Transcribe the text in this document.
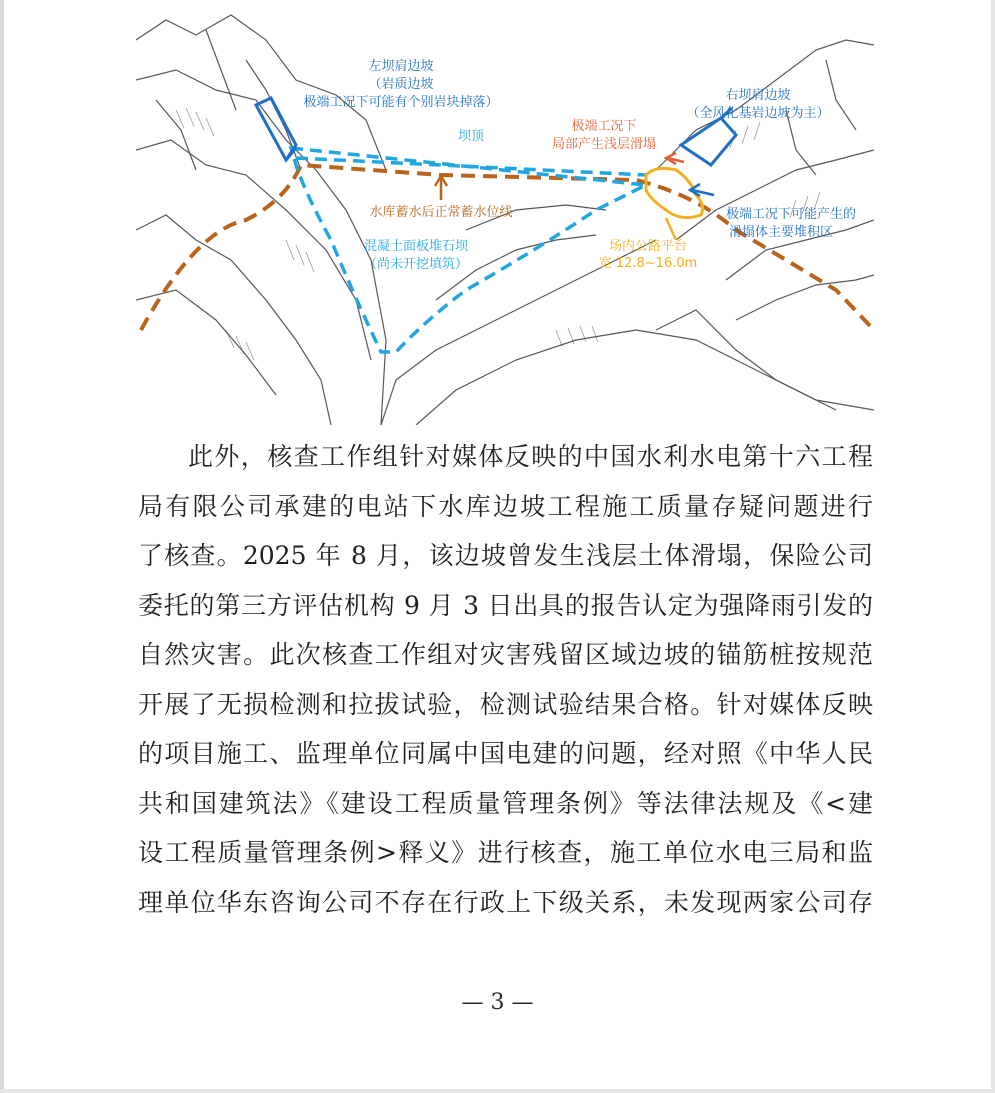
左坝肩边坡
（岩质边坡
极端工况下可能有个别岩块掉落）
坝顶
右坝肩边坡
（全风化基岩边坡为主）
极端工况下
局部产生浅层滑塌
水库蓄水后正常蓄水位线	极端工况下可能产生的
滑塌体主要堆积区
场内公路平台
宽 12.8~16.0m
混凝土面板堆石坝
（尚未开挖填筑）
此外，核查工作组针对媒体反映的中国水利水电第十六工程
局有限公司承建的电站下水库边坡工程施工质量存疑问题进行
了核查。2025 年 8 月，该边坡曾发生浅层土体滑塌，保险公司
委托的第三方评估机构 9 月 3 日出具的报告认定为强降雨引发的
自然灾害。此次核查工作组对灾害残留区域边坡的锚筋桩按规范
开展了无损检测和拉拔试验，检测试验结果合格。针对媒体反映
的项目施工、监理单位同属中国电建的问题，经对照《中华人民
共和国建筑法》《建设工程质量管理条例》等法律法规及《<建
设工程质量管理条例>释义》进行核查，施工单位水电三局和监
理单位华东咨询公司不存在行政上下级关系，未发现两家公司存
— 3 —
